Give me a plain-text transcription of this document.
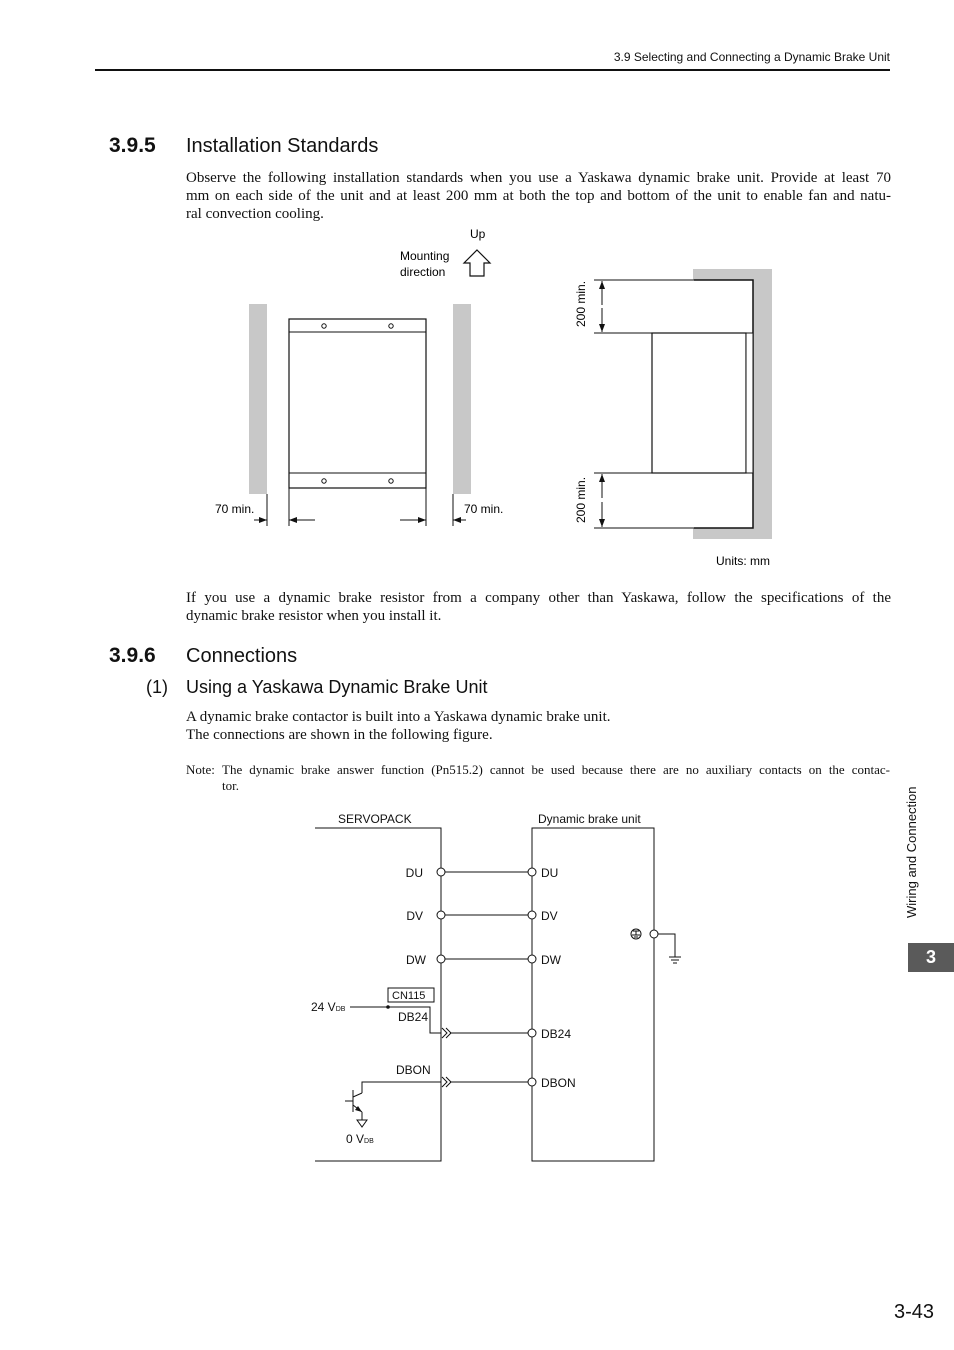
3.9 Selecting and Connecting a Dynamic Brake Unit
3.9.5 Installation Standards
Observe the following installation standards when you use a Yaskawa dynamic brake unit. Provide at least 70
mm on each side of the unit and at least 200 mm at both the top and bottom of the unit to enable fan and natu-
ral convection cooling.
Up
Mounting
direction
70 min.	70 min.
200 min.
200 min.
Units: mm
If you use a dynamic brake resistor from a company other than Yaskawa, follow the specifications of the
dynamic brake resistor when you install it.
3.9.6 Connections
(1) Using a Yaskawa Dynamic Brake Unit
A dynamic brake contactor is built into a Yaskawa dynamic brake unit.
The connections are shown in the following figure.
Note: The dynamic brake answer function (Pn515.2) cannot be used because there are no auxiliary contacts on the contac-
tor.
SERVOPACK	Dynamic brake unit
DU
DV
DW
DU
DV
DW
DB24
DBON
CN115
DB24
DBON
24 VDB
0 VDB
Wiring and Connection
3
3-43
